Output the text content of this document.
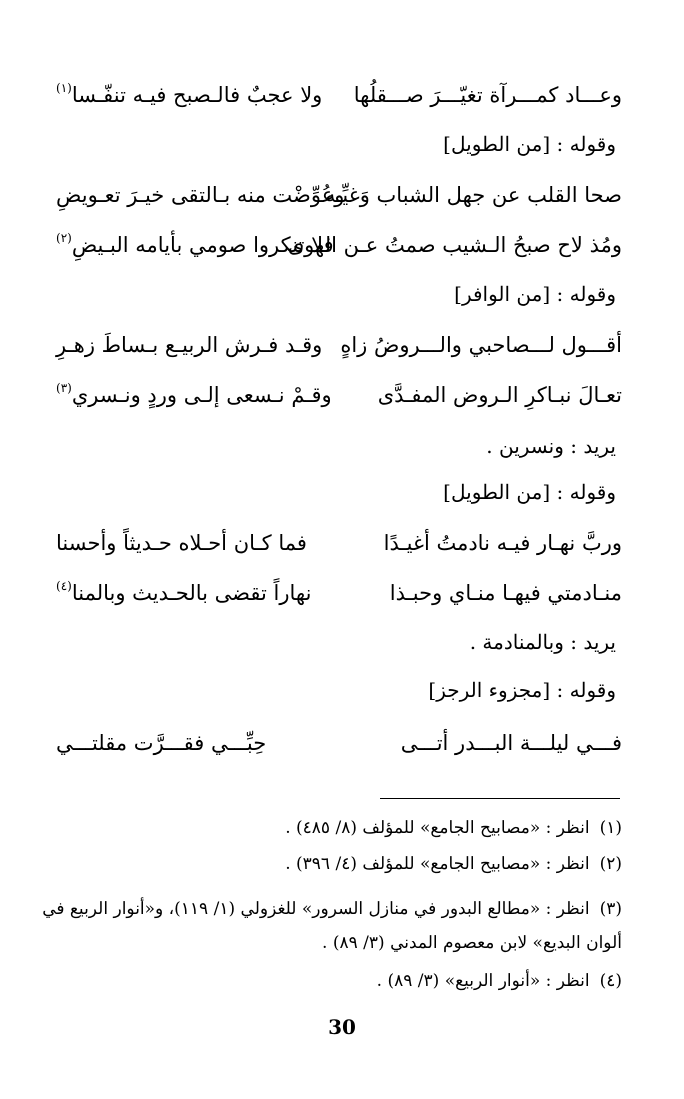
وعـــاد كمـــرآة تغيّـــرَ صـــقلُها
ولا عجبٌ فالـصبح فيـه تنفّـسا$^{(١)}$
وقوله : [من الطويل]
صحا القلب عن جهل الشباب وَغيِّـه
وعُوِّضْت منه بـالتقى خيـرَ تعـويضِ
ومُذ لاح صبحُ الـشيب صمتُ عـن الهوى
فلا تنكروا صومي بأيامه البـيضِ$^{(٢)}$
وقوله : [من الوافر]
أقـــول لـــصاحبي والـــروضُ زاهٍ
وقـد فـرش الربيـع بـساطَ زهـرِ
تعـالَ نبـاكرِ الـروض المفـدَّى
وقـمْ نـسعى إلـى وردٍ ونـسري$^{(٣)}$
يريد : ونسرين .
وقوله : [من الطويل]
وربَّ نهـار فيـه نادمتُ أغيـدًا
فما كـان أحـلاه حـديثاً وأحسنا
منـادمتي فيهـا منـاي وحبـذا
نهاراً تقضى بالحـديث وبالمنا$^{(٤)}$
يريد : وبالمنادمة .
وقوله : [مجزوء الرجز]
فـــي ليلـــة البـــدر أتـــى
حِبِّـــي فقـــرَّت مقلتـــي
(١)انظر : «مصابيح الجامع» للمؤلف (٨/ ٤٨٥) .
(٢)انظر : «مصابيح الجامع» للمؤلف (٤/ ٣٩٦) .
(٣)انظر : «مطالع البدور في منازل السرور» للغزولي (١/ ١١٩)، و«أنوار الربيع في
ألوان البديع» لابن معصوم المدني (٣/ ٨٩) .
(٤)انظر : «أنوار الربيع» (٣/ ٨٩) .
30
